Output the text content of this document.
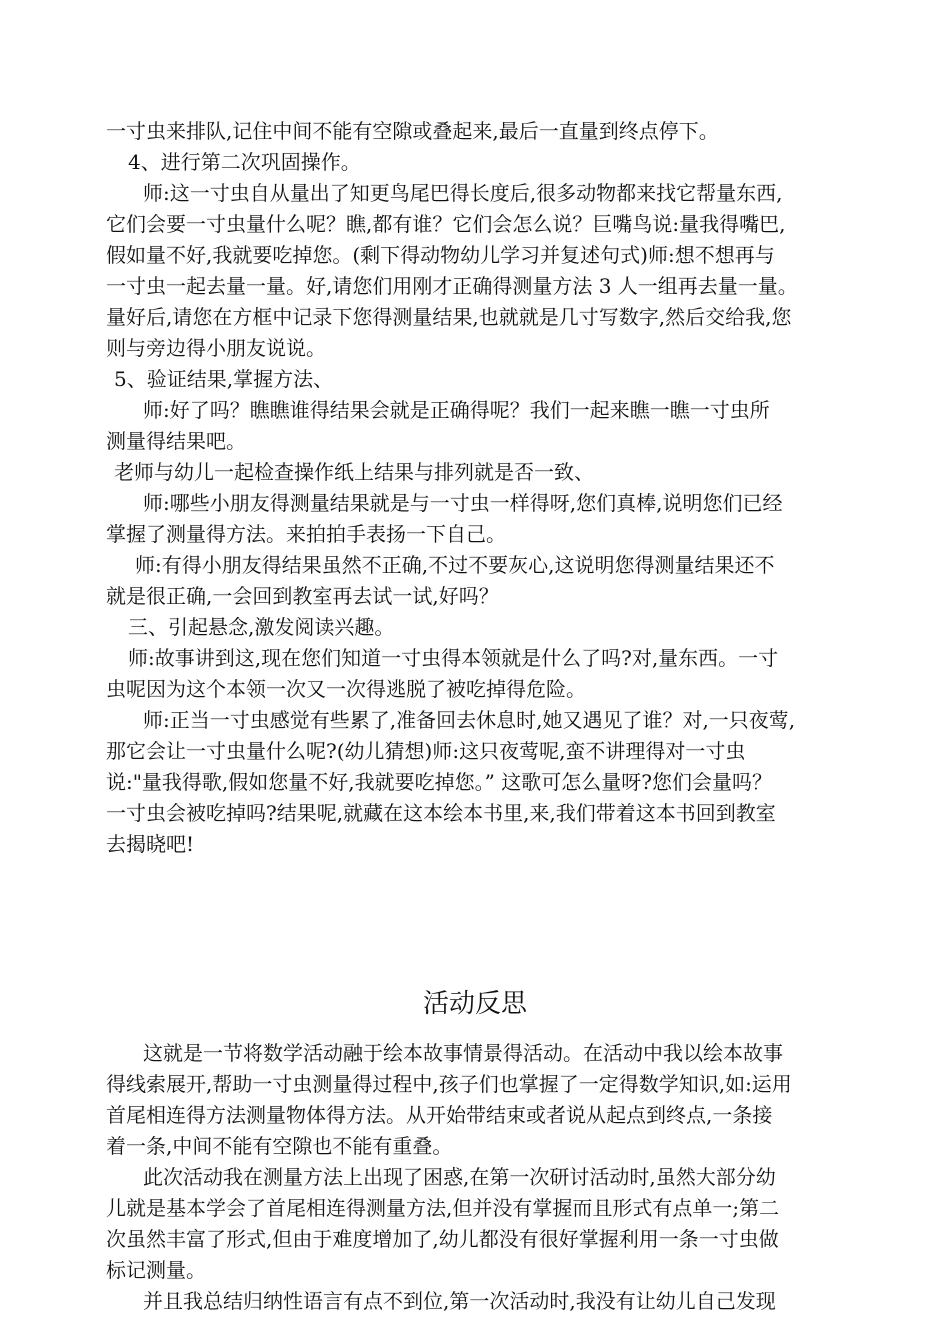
一寸虫来排队,记住中间不能有空隙或叠起来,最后一直量到终点停下。
4、进行第二次巩固操作。
师:这一寸虫自从量出了知更鸟尾巴得长度后,很多动物都来找它帮量东西,
它们会要一寸虫量什么呢？瞧,都有谁？它们会怎么说？巨嘴鸟说:量我得嘴巴,
假如量不好,我就要吃掉您。(剩下得动物幼儿学习并复述句式)师:想不想再与
一寸虫一起去量一量。好,请您们用刚才正确得测量方法 3 人一组再去量一量。
量好后,请您在方框中记录下您得测量结果,也就就是几寸写数字,然后交给我,您
则与旁边得小朋友说说。
5、验证结果,掌握方法、
师:好了吗？瞧瞧谁得结果会就是正确得呢？我们一起来瞧一瞧一寸虫所
测量得结果吧。
老师与幼儿一起检查操作纸上结果与排列就是否一致、
师:哪些小朋友得测量结果就是与一寸虫一样得呀,您们真棒,说明您们已经
掌握了测量得方法。来拍拍手表扬一下自己。
师:有得小朋友得结果虽然不正确,不过不要灰心,这说明您得测量结果还不
就是很正确,一会回到教室再去试一试,好吗？
三、引起悬念,激发阅读兴趣。
师:故事讲到这,现在您们知道一寸虫得本领就是什么了吗?对,量东西。一寸
虫呢因为这个本领一次又一次得逃脱了被吃掉得危险。
师:正当一寸虫感觉有些累了,准备回去休息时,她又遇见了谁？对,一只夜莺,
那它会让一寸虫量什么呢?(幼儿猜想)师:这只夜莺呢,蛮不讲理得对一寸虫
说:"量我得歌,假如您量不好,我就要吃掉您。” 这歌可怎么量呀?您们会量吗？
一寸虫会被吃掉吗?结果呢,就藏在这本绘本书里,来,我们带着这本书回到教室
去揭晓吧!
活动反思
这就是一节将数学活动融于绘本故事情景得活动。在活动中我以绘本故事
得线索展开,帮助一寸虫测量得过程中,孩子们也掌握了一定得数学知识,如:运用
首尾相连得方法测量物体得方法。从开始带结束或者说从起点到终点,一条接
着一条,中间不能有空隙也不能有重叠。
此次活动我在测量方法上出现了困惑,在第一次研讨活动时,虽然大部分幼
儿就是基本学会了首尾相连得测量方法,但并没有掌握而且形式有点单一;第二
次虽然丰富了形式,但由于难度增加了,幼儿都没有很好掌握利用一条一寸虫做
标记测量。
并且我总结归纳性语言有点不到位,第一次活动时,我没有让幼儿自己发现
